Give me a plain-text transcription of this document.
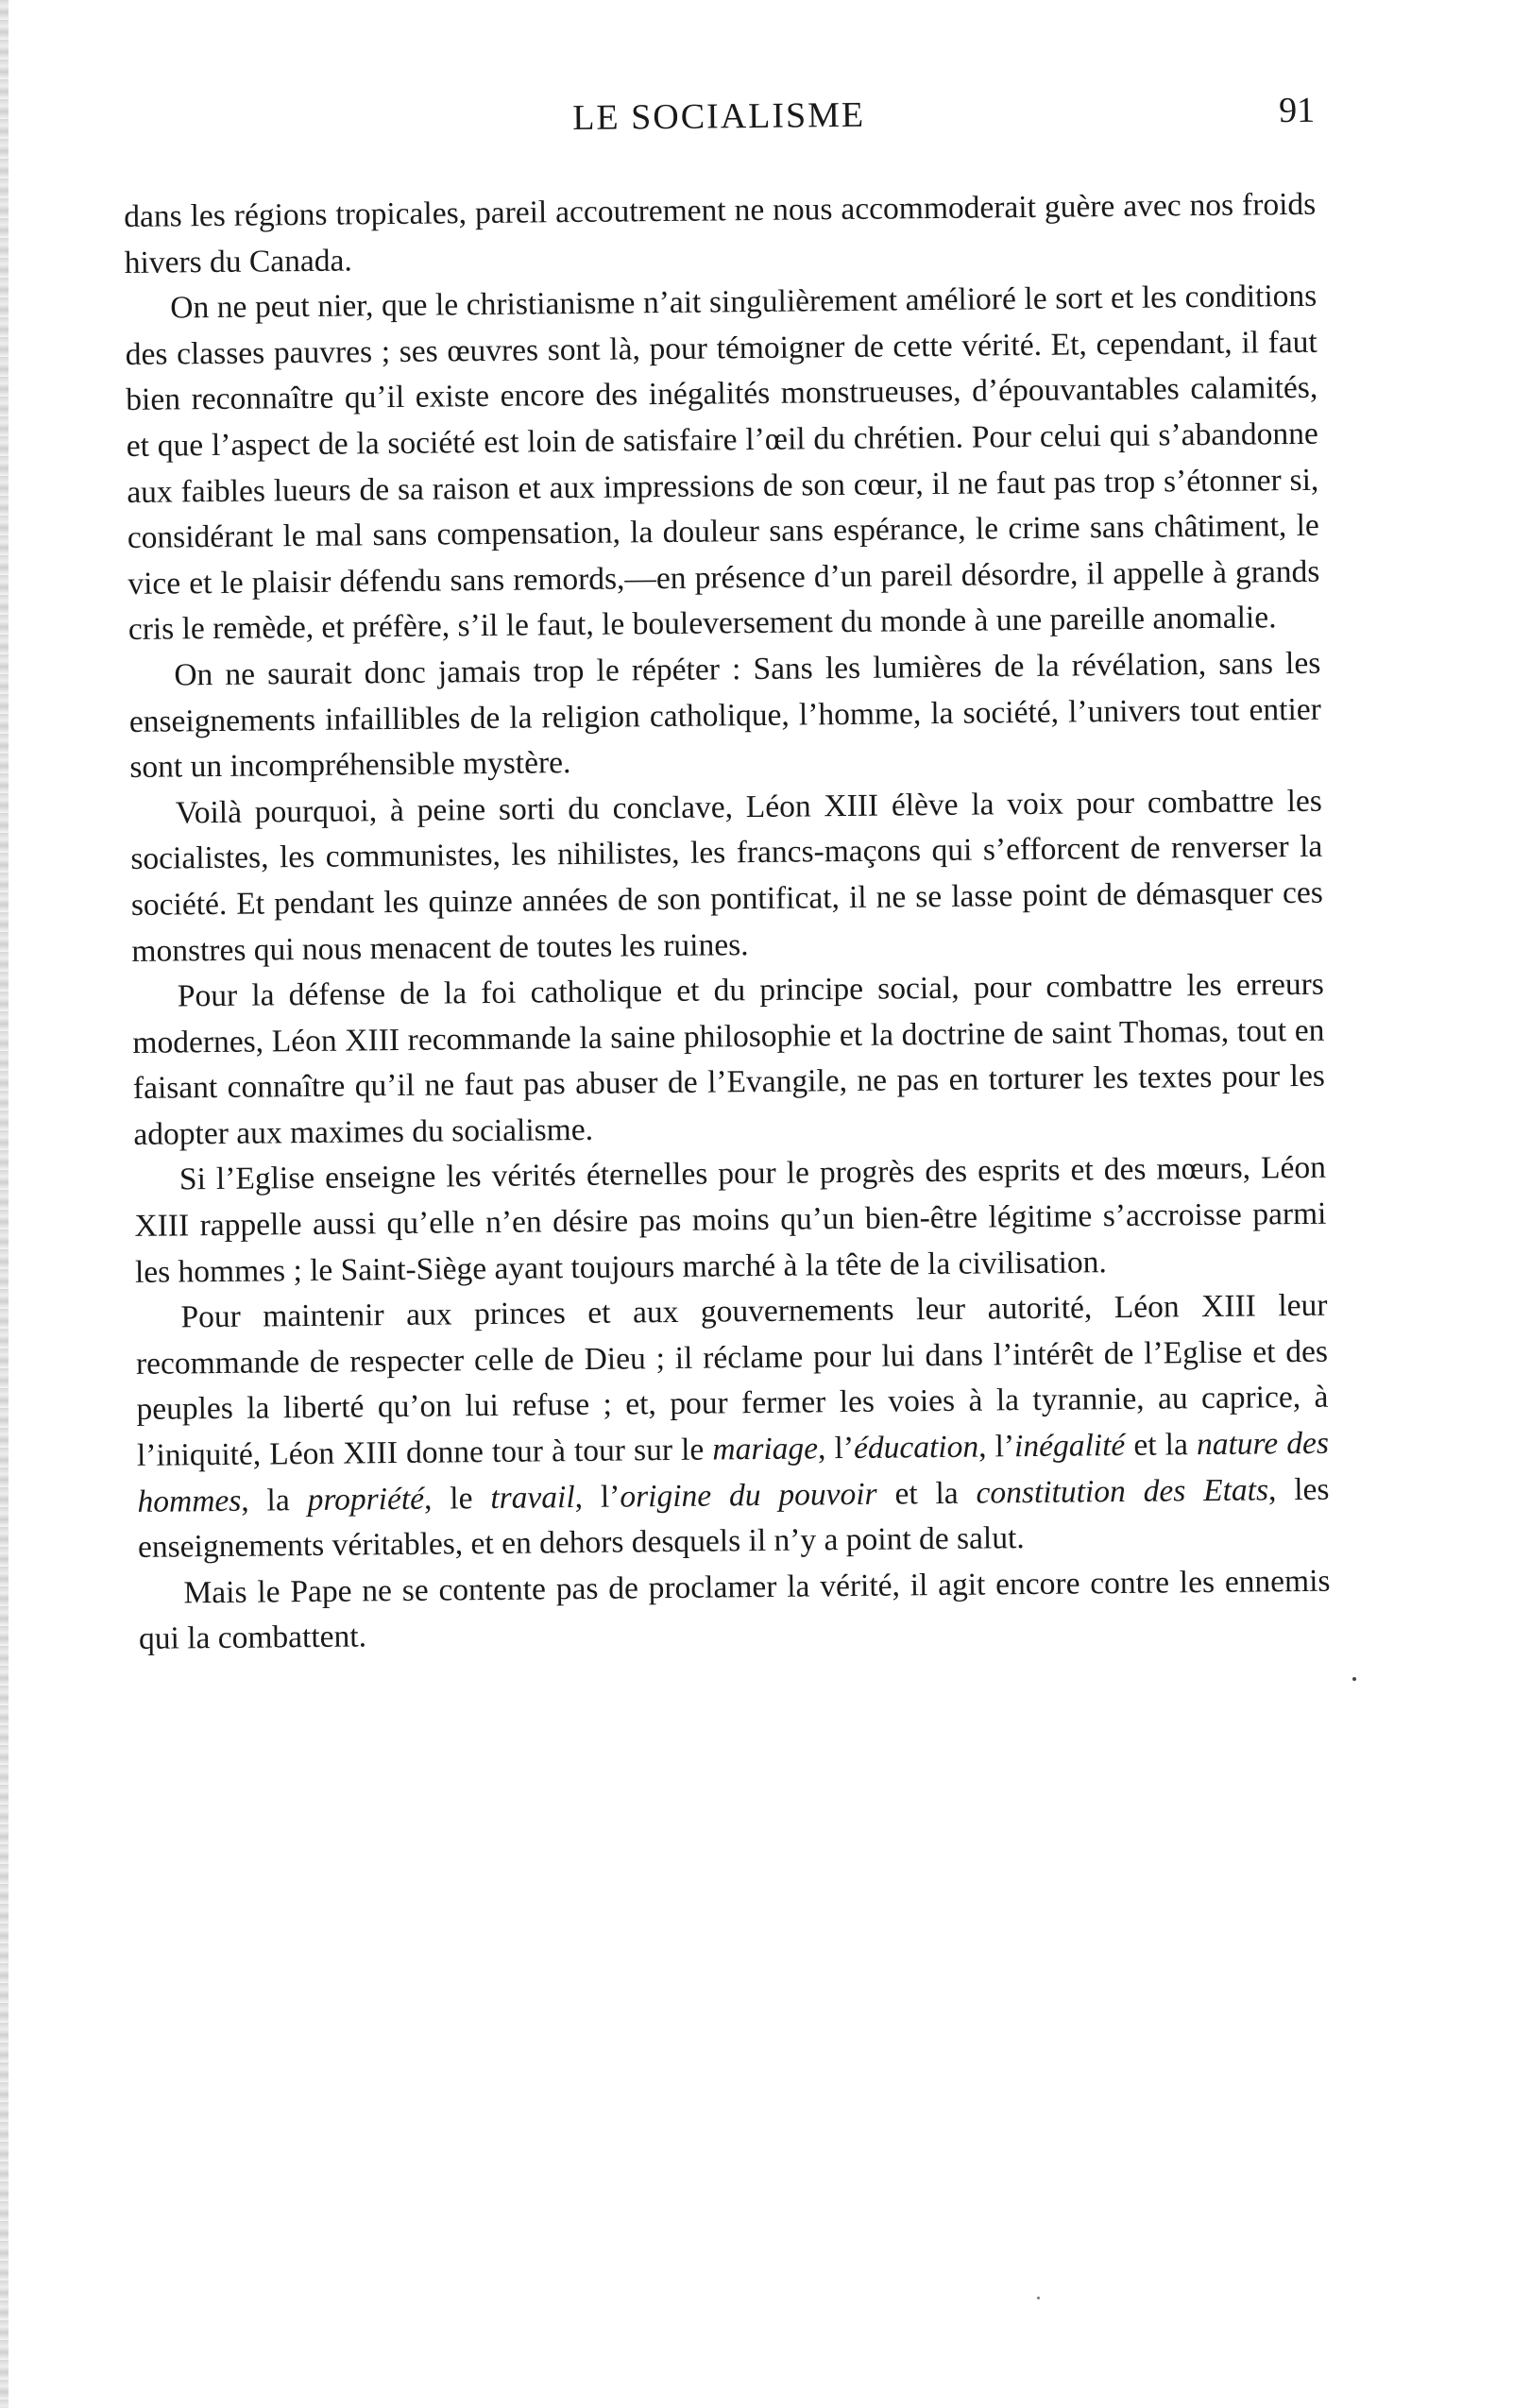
LE SOCIALISME	91

dans les régions tropicales, pareil accoutrement ne nous accommoderait guère avec nos froids hivers du Canada.

On ne peut nier, que le christianisme n’ait singulièrement amélioré le sort et les conditions des classes pauvres ; ses œuvres sont là, pour témoigner de cette vérité. Et, cependant, il faut bien reconnaître qu’il existe encore des inégalités monstrueuses, d’épouvantables calamités, et que l’aspect de la société est loin de satisfaire l’œil du chrétien. Pour celui qui s’abandonne aux faibles lueurs de sa raison et aux impressions de son cœur, il ne faut pas trop s’étonner si, considérant le mal sans compensation, la douleur sans espérance, le crime sans châtiment, le vice et le plaisir défendu sans remords,—en présence d’un pareil désordre, il appelle à grands cris le remède, et préfère, s’il le faut, le bouleversement du monde à une pareille anomalie.

On ne saurait donc jamais trop le répéter : Sans les lumières de la révélation, sans les enseignements infaillibles de la religion catholique, l’homme, la société, l’univers tout entier sont un incompréhensible mystère.

Voilà pourquoi, à peine sorti du conclave, Léon XIII élève la voix pour combattre les socialistes, les communistes, les nihilistes, les francs-maçons qui s’efforcent de renverser la société. Et pendant les quinze années de son pontificat, il ne se lasse point de démasquer ces monstres qui nous menacent de toutes les ruines.

Pour la défense de la foi catholique et du principe social, pour combattre les erreurs modernes, Léon XIII recommande la saine philosophie et la doctrine de saint Thomas, tout en faisant connaître qu’il ne faut pas abuser de l’Evangile, ne pas en torturer les textes pour les adopter aux maximes du socialisme.

Si l’Eglise enseigne les vérités éternelles pour le progrès des esprits et des mœurs, Léon XIII rappelle aussi qu’elle n’en désire pas moins qu’un bien-être légitime s’accroisse parmi les hommes ; le Saint-Siège ayant toujours marché à la tête de la civilisation.

Pour maintenir aux princes et aux gouvernements leur autorité, Léon XIII leur recommande de respecter celle de Dieu ; il réclame pour lui dans l’intérêt de l’Eglise et des peuples la liberté qu’on lui refuse ; et, pour fermer les voies à la tyrannie, au caprice, à l’iniquité, Léon XIII donne tour à tour sur le mariage, l’éducation, l’inégalité et la nature des hommes, la propriété, le travail, l’origine du pouvoir et la constitution des Etats, les enseignements véritables, et en dehors desquels il n’y a point de salut.

Mais le Pape ne se contente pas de proclamer la vérité, il agit encore contre les ennemis qui la combattent.
